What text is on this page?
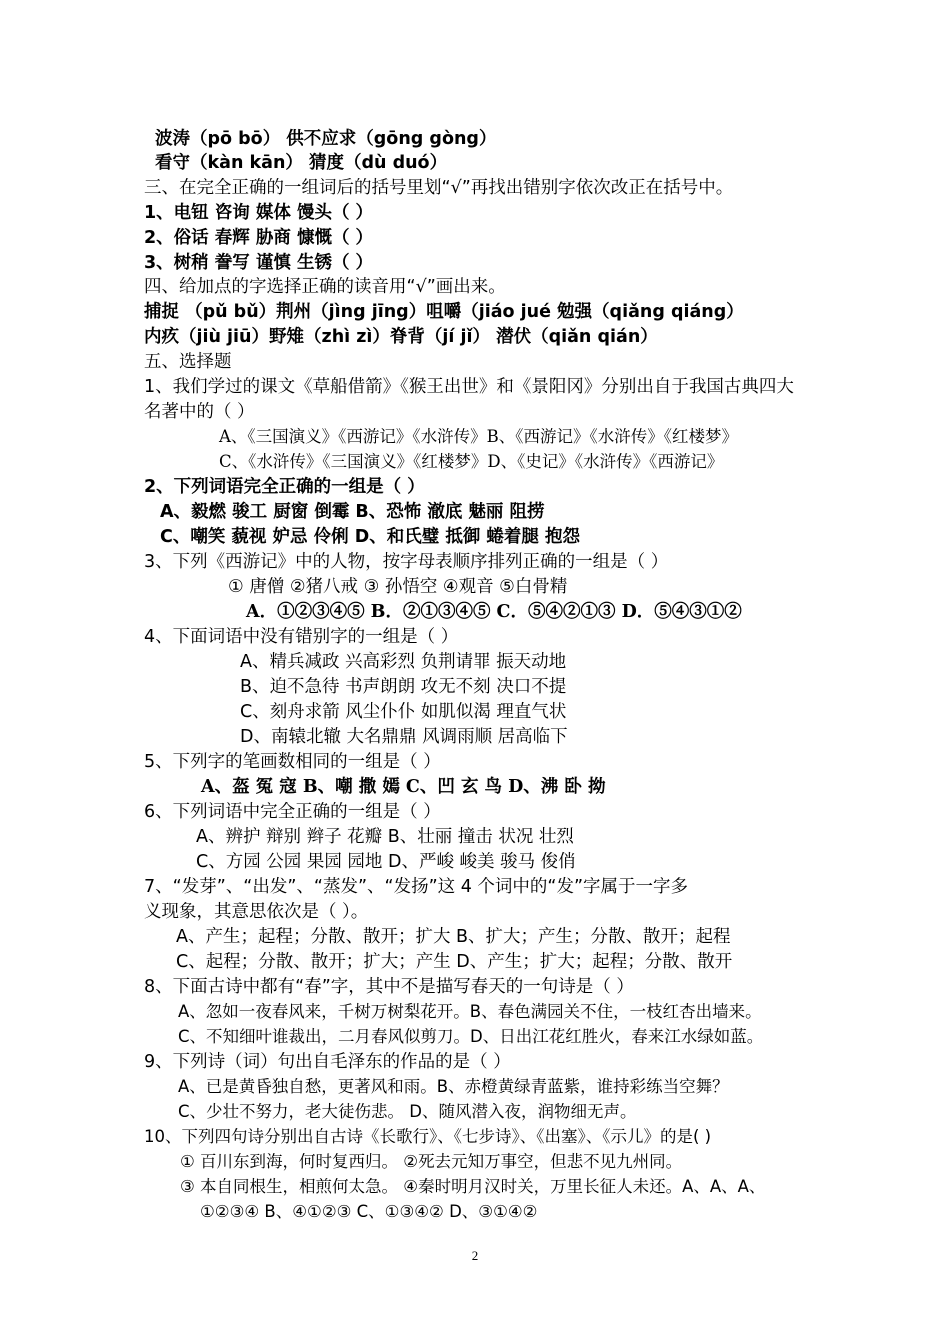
波涛（pō bō） 供不应求（gōng gòng）
看守（kàn kān） 猜度（dù duó）
三、在完全正确的一组词后的括号里划“√”再找出错别字依次改正在括号中。
1、电钮 咨询 媒体 馒头（ ）
2、俗话 春辉 胁商 慷慨（ ）
3、树稍 誊写 谨慎 生锈（ ）
四、给加点的字选择正确的读音用“√”画出来。
捕捉 （pǔ bǔ）荆州（jìng jīng）咀嚼（jiáo jué 勉强（qiǎng qiáng）
内疚（jiù jiū）野雉（zhì zì）脊背（jí jǐ） 潜伏（qiǎn qián）
五、选择题
1、我们学过的课文《草船借箭》《猴王出世》和《景阳冈》分别出自于我国古典四大
名著中的（ ）
A、《三国演义》《西游记》《水浒传》B、《西游记》《水浒传》《红楼梦》
C、《水浒传》《三国演义》《红楼梦》D、《史记》《水浒传》《西游记》
2、下列词语完全正确的一组是（ ）
A、毅燃 骏工 厨窗 倒霉 B、恐怖 澈底 魅丽 阻捞
C、嘲笑 藐视 妒忌 伶俐 D、和氏璧 抵御 蜷着腿 抱怨
3、下列《西游记》中的人物，按字母表顺序排列正确的一组是（ ）
① 唐僧 ②猪八戒 ③ 孙悟空 ④观音 ⑤白骨精
A．①②③④⑤ B．②①③④⑤ C．⑤④②①③ D．⑤④③①②
4、下面词语中没有错别字的一组是（ ）
A、精兵减政 兴高彩烈 负荆请罪 振天动地
B、迫不急待 书声朗朗 攻无不刻 决口不提
C、刻舟求箭 风尘仆仆 如肌似渴 理直气状
D、南辕北辙 大名鼎鼎 风调雨顺 居高临下
5、下列字的笔画数相同的一组是（ ）
A、盔 冤 寇 B、嘲 撒 嫣 C、凹 玄 鸟 D、沸 卧 拗
6、下列词语中完全正确的一组是（ ）
A、辨护 辩别 辫子 花瓣 B、壮丽 撞击 状况 壮烈
C、方园 公园 果园 园地 D、严峻 峻美 骏马 俊俏
7、“发芽”、“出发”、“蒸发”、“发扬”这 4 个词中的“发”字属于一字多
义现象，其意思依次是（ ）。
A、产生；起程；分散、散开；扩大 B、扩大；产生；分散、散开；起程
C、起程；分散、散开；扩大；产生 D、产生；扩大；起程；分散、散开
8、下面古诗中都有“春”字，其中不是描写春天的一句诗是（ ）
A、忽如一夜春风来，千树万树梨花开。B、春色满园关不住，一枝红杏出墙来。
C、不知细叶谁裁出，二月春风似剪刀。D、日出江花红胜火，春来江水绿如蓝。
9、下列诗（词）句出自毛泽东的作品的是（ ）
A、已是黄昏独自愁，更著风和雨。B、赤橙黄绿青蓝紫，谁持彩练当空舞？
C、少壮不努力，老大徒伤悲。 D、随风潜入夜，润物细无声。
10、下列四句诗分别出自古诗《长歌行》、《七步诗》、《出塞》、《示儿》的是( )
① 百川东到海，何时复西归。 ②死去元知万事空，但悲不见九州同。
③ 本自同根生，相煎何太急。 ④秦时明月汉时关，万里长征人未还。A、A、A、
①②③④ B、④①②③ C、①③④② D、③①④②
2
